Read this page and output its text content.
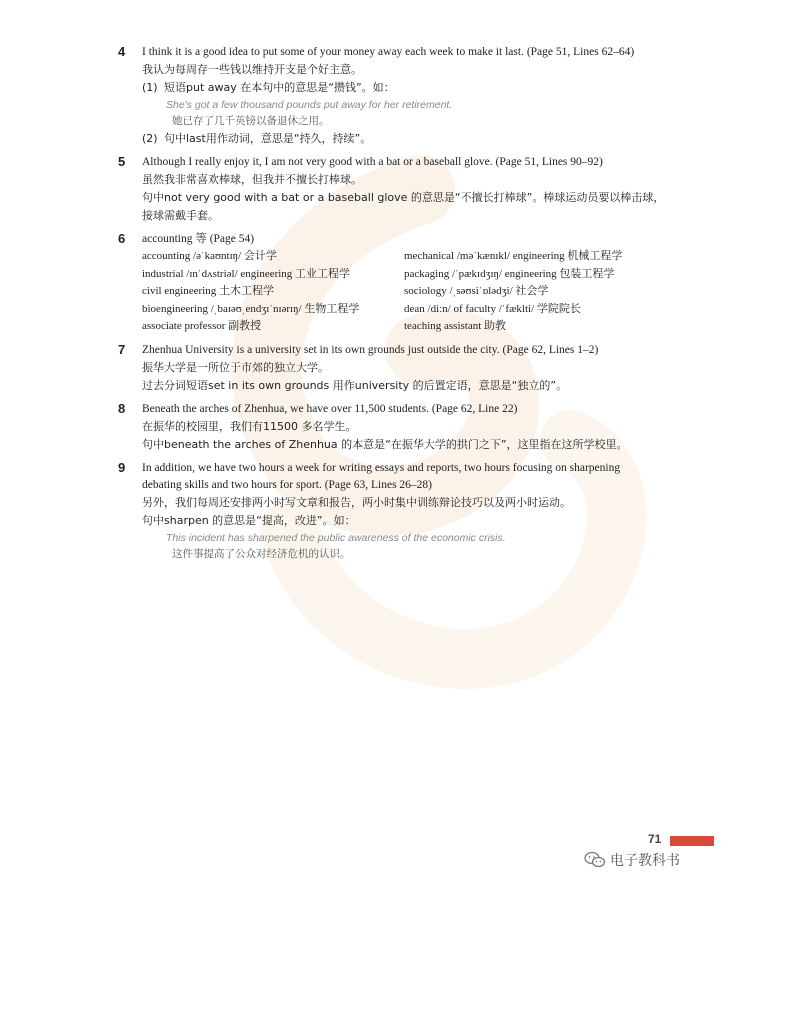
4 I think it is a good idea to put some of your money away each week to make it last. (Page 51, Lines 62–64)
我认为每周存一些钱以维持开支是个好主意。
(1) 短语put away 在本句中的意思是“攒钱”。如：
She's got a few thousand pounds put away for her retirement.
她已存了几千英镑以备退休之用。
(2) 句中last用作动词，意思是“持久，持续”。
5 Although I really enjoy it, I am not very good with a bat or a baseball glove. (Page 51, Lines 90–92)
虽然我非常喜欢棒球，但我并不擅长打棒球。
句中not very good with a bat or a baseball glove 的意思是“不擅长打棒球”。棒球运动员要以棒击球，
接球需戴手套。
6 accounting 等 (Page 54)
accounting /əˈkaʊntɪŋ/ 会计学	mechanical /məˈkænɪkl/ engineering 机械工程学
industrial /ɪnˈdʌstriəl/ engineering 工业工程学	packaging /ˈpækɪdʒɪŋ/ engineering 包装工程学
civil engineering 土木工程学	sociology /ˌsəʊsiˈɒlədʒi/ 社会学
bioengineering /ˌbaɪəʊˌendʒɪˈnɪərɪŋ/ 生物工程学	dean /diːn/ of faculty /ˈfæklti/ 学院院长
associate professor 副教授	teaching assistant 助教
7 Zhenhua University is a university set in its own grounds just outside the city. (Page 62, Lines 1–2)
振华大学是一所位于市郊的独立大学。
过去分词短语set in its own grounds 用作university 的后置定语，意思是“独立的”。
8 Beneath the arches of Zhenhua, we have over 11,500 students. (Page 62, Line 22)
在振华的校园里，我们有11500 多名学生。
句中beneath the arches of Zhenhua 的本意是“在振华大学的拱门之下”，这里指在这所学校里。
9 In addition, we have two hours a week for writing essays and reports, two hours focusing on sharpening
debating skills and two hours for sport. (Page 63, Lines 26–28)
另外，我们每周还安排两小时写文章和报告，两小时集中训练辩论技巧以及两小时运动。
句中sharpen 的意思是“提高，改进”。如：
This incident has sharpened the public awareness of the economic crisis.
这件事提高了公众对经济危机的认识。
71
电子教科书
